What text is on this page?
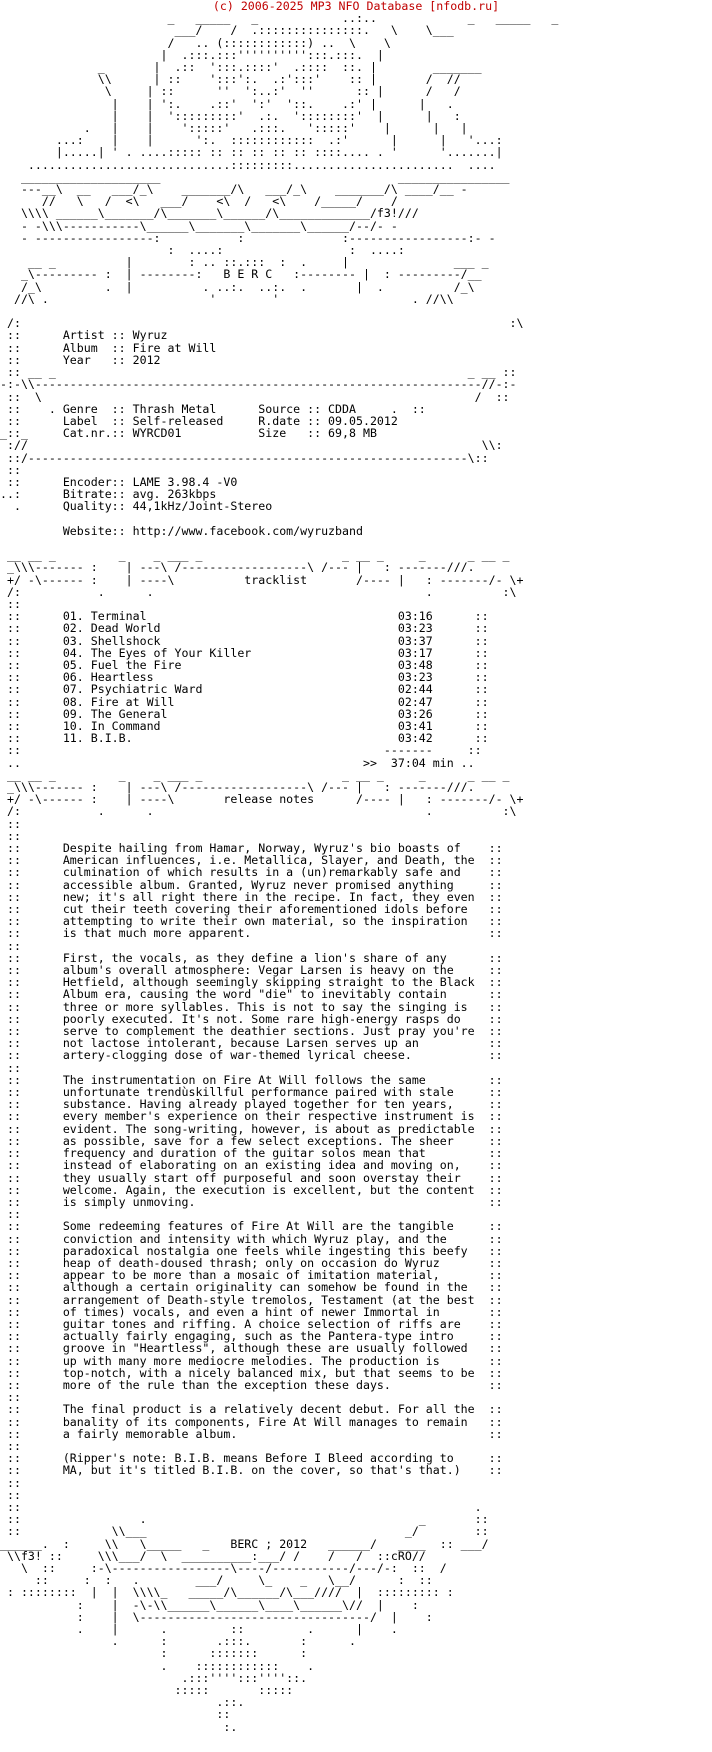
(c) 2006-2025 MP3 NFO Database [nfodb.ru]

_   _____   _            ..:..             _   _____   _
___/    /  .:::::::::::::::.   \    \___
/   .. (::::::::::::) ..  \    \
|  .:::.:::'''''''''':::.:::.  |
_       |  .::  ':::.::::'  .::::  ::. |        _______
\\      | ::    ':::':.  .:':::'    :: |       /  //
\     | ::      ''  ':..:'  ''      :: |      /   /
|    | ':.    .::'  ':'  '::.    .:' |      |   .
|    |  ':::::::::'  .:.  '::::::::'  |      |   :
.   |    |    ':::::'   .:::.   ':::::'    |      |   |
...:    |    |      ':.  ::::::::::::  .:'      |      |   '...:
|.....| ' . ....::::: :: :: :: :: :: ::::.... . '      '.......|
.............................:::::::::.......................  ....
____________________                                  ________________
---__\  __   ___/_\    _______/\   ___/_\    _______/\ ____/__ -
//   \   /  <\   ___/    <\  /   <\    /_____/    /
\\\\ ______\_______/\_______\______/\_____________/f3!///
- -\\\-----------\______\_______\_______\______/--/- -
- -----------------:           :              :-----------------:- -
:  ....:                  :  ....:
__ _          |        : .. ::.:::  :  .     |               ___ _
_\--------- :  | --------:   B E R C   :-------- |  : ---------/__
/_\         .  |          . ..:.  ..:.  .       |  .          /_\
//\ .                       '        '                   . //\\

/:                                                                      :\
::      Artist :: Wyruz
::      Album  :: Fire at Will
::      Year   :: 2012
:: __ _                                                           _ __ ::
-:-\\----------------------------------------------------------------//-:-
::  \                                                              /  ::
::    . Genre  :: Thrash Metal      Source :: CDDA     .  ::
::      Label  :: Self-released     R.date :: 09.05.2012
_::_     Cat.nr.:: WYRCD01           Size   :: 69,8 MB
://                                                                 \\:
::/---------------------------------------------------------------\::
::
::      Encoder:: LAME 3.98.4 -V0
..:      Bitrate:: avg. 263kbps
.      Quality:: 44,1kHz/Joint-Stereo

Website:: http://www.facebook.com/wyruzband

__ __ _         _    _ ___ _                    _ __ _     _      _ __ _
_\\\------- :    | ---\ /------------------\ /--- |   : -------///.
+/ -\------ :    | ----\          tracklist       /---- |   : -------/- \+
/:           .      .                                       .          :\
::
::      01. Terminal                                    03:16      ::
::      02. Dead World                                  03:23      ::
::      03. Shellshock                                  03:37      ::
::      04. The Eyes of Your Killer                     03:17      ::
::      05. Fuel the Fire                               03:48      ::
::      06. Heartless                                   03:23      ::
::      07. Psychiatric Ward                            02:44      ::
::      08. Fire at Will                                02:47      ::
::      09. The General                                 03:26      ::
::      10. In Command                                  03:41      ::
::      11. B.I.B.                                      03:42      ::
::                                                    -------     ::
..                                                 >>  37:04 min ..
__ __ _         _    _ ___ _                    _ __ _     _      _ __ _
_\\\------- :    | ---\ /------------------\ /--- |   : -------///.
+/ -\------ :    | ----\       release notes      /---- |   : -------/- \+
/:           .      .                                       .          :\
::
::
::      Despite hailing from Hamar, Norway, Wyruz's bio boasts of    ::
::      American influences, i.e. Metallica, Slayer, and Death, the  ::
::      culmination of which results in a (un)remarkably safe and    ::
::      accessible album. Granted, Wyruz never promised anything     ::
::      new; it's all right there in the recipe. In fact, they even  ::
::      cut their teeth covering their aforementioned idols before   ::
::      attempting to write their own material, so the inspiration   ::
::      is that much more apparent.                                  ::
::
::      First, the vocals, as they define a lion's share of any      ::
::      album's overall atmosphere: Vegar Larsen is heavy on the     ::
::      Hetfield, although seemingly skipping straight to the Black  ::
::      Album era, causing the word "die" to inevitably contain      ::
::      three or more syllables. This is not to say the singing is   ::
::      poorly executed. It's not. Some rare high-energy rasps do    ::
::      serve to complement the deathier sections. Just pray you're  ::
::      not lactose intolerant, because Larsen serves up an          ::
::      artery-clogging dose of war-themed lyrical cheese.           ::
::
::      The instrumentation on Fire At Will follows the same         ::
::      unfortunate trendùskillful performance paired with stale     ::
::      substance. Having already played together for ten years,     ::
::      every member's experience on their respective instrument is  ::
::      evident. The song-writing, however, is about as predictable  ::
::      as possible, save for a few select exceptions. The sheer     ::
::      frequency and duration of the guitar solos mean that         ::
::      instead of elaborating on an existing idea and moving on,    ::
::      they usually start off purposeful and soon overstay their    ::
::      welcome. Again, the execution is excellent, but the content  ::
::      is simply unmoving.                                          ::
::
::      Some redeeming features of Fire At Will are the tangible     ::
::      conviction and intensity with which Wyruz play, and the      ::
::      paradoxical nostalgia one feels while ingesting this beefy   ::
::      heap of death-doused thrash; only on occasion do Wyruz       ::
::      appear to be more than a mosaic of imitation material,       ::
::      although a certain originality can somehow be found in the   ::
::      arrangement of Death-style tremolos, Testament (at the best  ::
::      of times) vocals, and even a hint of newer Immortal in       ::
::      guitar tones and riffing. A choice selection of riffs are    ::
::      actually fairly engaging, such as the Pantera-type intro     ::
::      groove in "Heartless", although these are usually followed   ::
::      up with many more mediocre melodies. The production is       ::
::      top-notch, with a nicely balanced mix, but that seems to be  ::
::      more of the rule than the exception these days.              ::
::
::      The final product is a relatively decent debut. For all the  ::
::      banality of its components, Fire At Will manages to remain   ::
::      a fairly memorable album.                                    ::
::
::      (Ripper's note: B.I.B. means Before I Bleed according to     ::
::      MA, but it's titled B.I.B. on the cover, so that's that.)    ::
::
::
::                                                                 .
::                 .                                       _       ::
::             \\___                                     _/        ::
______.  :     \\   \_____   _   BERC ; 2012   ______/   ____  :: ___/
\\f3! ::     \\\___/  \  __________:___/ /    /   /  ::cRO//
\  ::     :-\-----------------\----/-----------/---/-:  ::  /
::     :  :   .        ___/     \_    _   \__/      :  ::
: ::::::::  |  |  \\\\_   _____/\______/\___////  |  ::::::::: :
:    |  -\-\\______\______\____\______\//  |    :
:    |  \---------------------------------/  |    :
.    |      .         ::         .      |    .
.      :       .:::.       :      .
:      :::::::      :
.    ::::::::::::    .
.:::'''':::''''::.
:::::       :::::
.::.
::
:.
